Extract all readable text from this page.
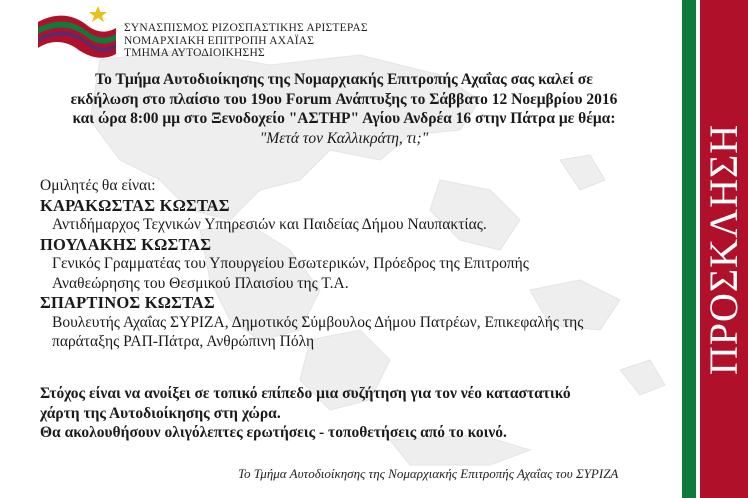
ΣΥΝΑΣΠΙΣΜΟΣ ΡΙΖΟΣΠΑΣΤΙΚΗΣ ΑΡΙΣΤΕΡΑΣ
ΝΟΜΑΡΧΙΑΚΗ ΕΠΙΤΡΟΠΗ ΑΧΑΪΑΣ
ΤΜΗΜΑ ΑΥΤΟΔΙΟΙΚΗΣΗΣ
Το Τμήμα Αυτοδιοίκησης της Νομαρχιακής Επιτροπής Αχαΐας σας καλεί σε
εκδήλωση στο πλαίσιο του 19ου Forum Ανάπτυξης το Σάββατο 12 Νοεμβρίου 2016
και ώρα 8:00 μμ στο Ξενοδοχείο "ΑΣΤΗΡ" Αγίου Ανδρέα 16 στην Πάτρα με θέμα:
"Μετά τον Καλλικράτη, τι;"
Ομιλητές θα είναι:
ΚΑΡΑΚΩΣΤΑΣ ΚΩΣΤΑΣ
Αντιδήμαρχος Τεχνικών Υπηρεσιών και Παιδείας Δήμου Ναυπακτίας.
ΠΟΥΛΑΚΗΣ ΚΩΣΤΑΣ
Γενικός Γραμματέας του Υπουργείου Εσωτερικών, Πρόεδρος της Επιτροπής
Αναθεώρησης του Θεσμικού Πλαισίου της Τ.Α.
ΣΠΑΡΤΙΝΟΣ ΚΩΣΤΑΣ
Βουλευτής Αχαΐας ΣΥΡΙΖΑ, Δημοτικός Σύμβουλος Δήμου Πατρέων, Επικεφαλής της
παράταξης ΡΑΠ-Πάτρα, Ανθρώπινη Πόλη
Στόχος είναι να ανοίξει σε τοπικό επίπεδο μια συζήτηση για τον νέο καταστατικό
χάρτη της Αυτοδιοίκησης στη χώρα.
Θα ακολουθήσουν ολιγόλεπτες ερωτήσεις - τοποθετήσεις από το κοινό.
Το Τμήμα Αυτοδιοίκησης της Νομαρχιακής Επιτροπής Αχαΐας του ΣΥΡΙΖΑ
ΠΡΟΣΚΛΗΣΗ
